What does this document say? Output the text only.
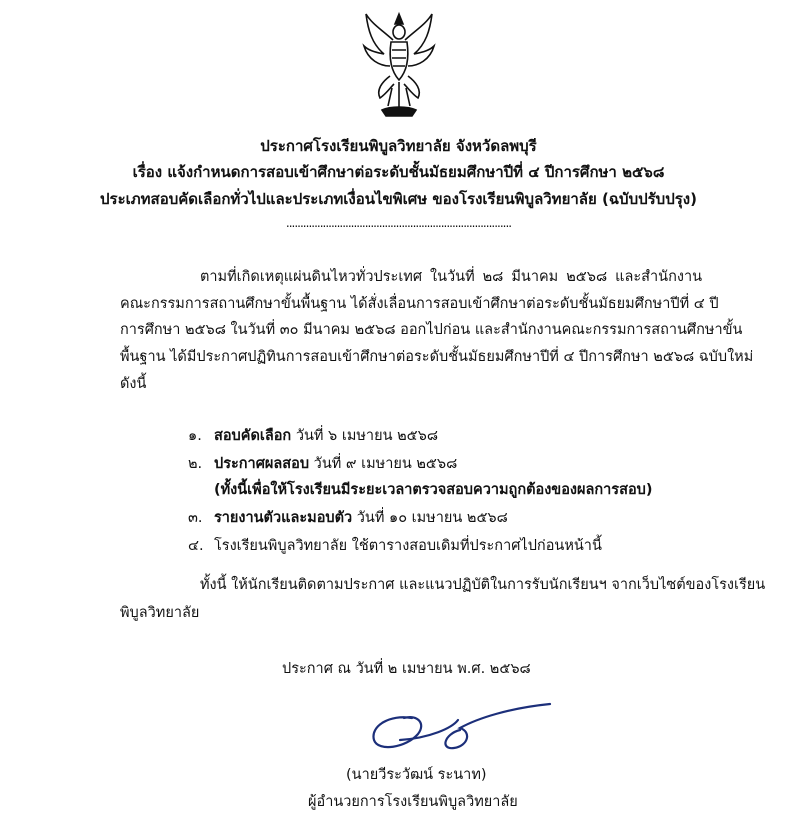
ประกาศโรงเรียนพิบูลวิทยาลัย จังหวัดลพบุรี
เรื่อง แจ้งกำหนดการสอบเข้าศึกษาต่อระดับชั้นมัธยมศึกษาปีที่ ๔ ปีการศึกษา ๒๕๖๘
ประเภทสอบคัดเลือกทั่วไปและประเภทเงื่อนไขพิเศษ ของโรงเรียนพิบูลวิทยาลัย (ฉบับปรับปรุง)
................................................................................
ตามที่เกิดเหตุแผ่นดินไหวทั่วประเทศ ในวันที่ ๒๘ มีนาคม ๒๕๖๘ และสำนักงาน
คณะกรรมการสถานศึกษาขั้นพื้นฐาน ได้สั่งเลื่อนการสอบเข้าศึกษาต่อระดับชั้นมัธยมศึกษาปีที่ ๔ ปี
การศึกษา ๒๕๖๘ ในวันที่ ๓๐ มีนาคม ๒๕๖๘ ออกไปก่อน และสำนักงานคณะกรรมการสถานศึกษาขั้น
พื้นฐาน ได้มีประกาศปฏิทินการสอบเข้าศึกษาต่อระดับชั้นมัธยมศึกษาปีที่ ๔ ปีการศึกษา ๒๕๖๘ ฉบับใหม่
ดังนี้
๑. สอบคัดเลือก วันที่ ๖ เมษายน ๒๕๖๘
๒. ประกาศผลสอบ วันที่ ๙ เมษายน ๒๕๖๘
(ทั้งนี้เพื่อให้โรงเรียนมีระยะเวลาตรวจสอบความถูกต้องของผลการสอบ)
๓. รายงานตัวและมอบตัว วันที่ ๑๐ เมษายน ๒๕๖๘
๔. โรงเรียนพิบูลวิทยาลัย ใช้ตารางสอบเดิมที่ประกาศไปก่อนหน้านี้
ทั้งนี้ ให้นักเรียนติดตามประกาศ และแนวปฏิบัติในการรับนักเรียนฯ จากเว็บไซต์ของโรงเรียน
พิบูลวิทยาลัย
ประกาศ ณ วันที่ ๒ เมษายน พ.ศ. ๒๕๖๘
(นายวีระวัฒน์ ระนาท)
ผู้อำนวยการโรงเรียนพิบูลวิทยาลัย
